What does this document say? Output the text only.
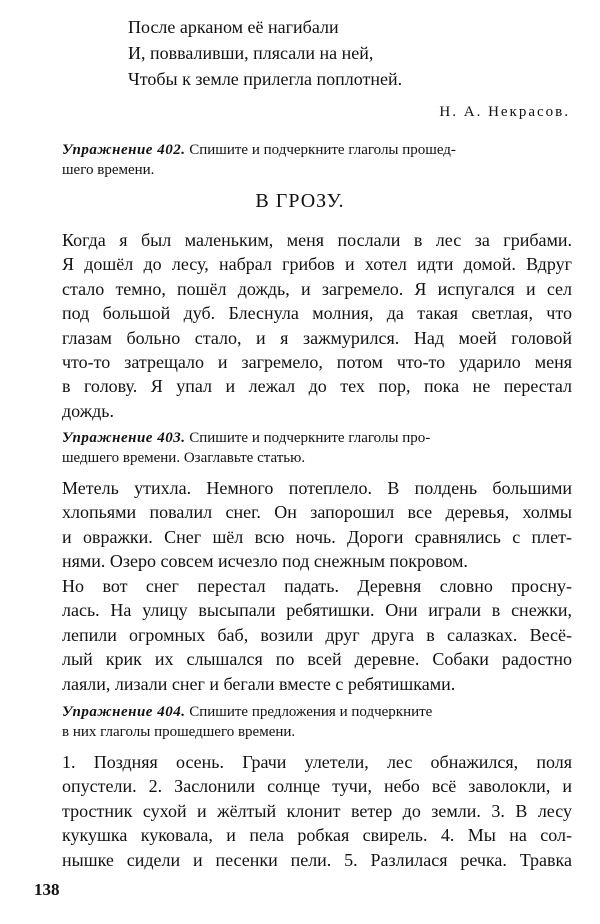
После арканом её нагибали
И, повваливши, плясали на ней,
Чтобы к земле прилегла поплотней.
Н. А. Некрасов.
Упражнение 402. Спишите и подчеркните глаголы прошед-
шего времени.
В ГРОЗУ.
Когда я был маленьким, меня послали в лес за грибами.
Я дошёл до лесу, набрал грибов и хотел идти домой. Вдруг
стало темно, пошёл дождь, и загремело. Я испугался и сел
под большой дуб. Блеснула молния, да такая светлая, что
глазам больно стало, и я зажмурился. Над моей головой
что-то затрещало и загремело, потом что-то ударило меня
в голову. Я упал и лежал до тех пор, пока не перестал
дождь.
Упражнение 403. Спишите и подчеркните глаголы про-
шедшего времени. Озаглавьте статью.
Метель утихла. Немного потеплело. В полдень большими
хлопьями повалил снег. Он запорошил все деревья, холмы
и овражки. Снег шёл всю ночь. Дороги сравнялись с плет-
нями. Озеро совсем исчезло под снежным покровом.
Но вот снег перестал падать. Деревня словно просну-
лась. На улицу высыпали ребятишки. Они играли в снежки,
лепили огромных баб, возили друг друга в салазках. Весё-
лый крик их слышался по всей деревне. Собаки радостно
лаяли, лизали снег и бегали вместе с ребятишками.
Упражнение 404. Спишите предложения и подчеркните
в них глаголы прошедшего времени.
1. Поздняя осень. Грачи улетели, лес обнажился, поля
опустели. 2. Заслонили солнце тучи, небо всё заволокли, и
тростник сухой и жёлтый клонит ветер до земли. 3. В лесу
кукушка куковала, и пела робкая свирель. 4. Мы на сол-
нышке сидели и песенки пели. 5. Разлилася речка. Травка
138
